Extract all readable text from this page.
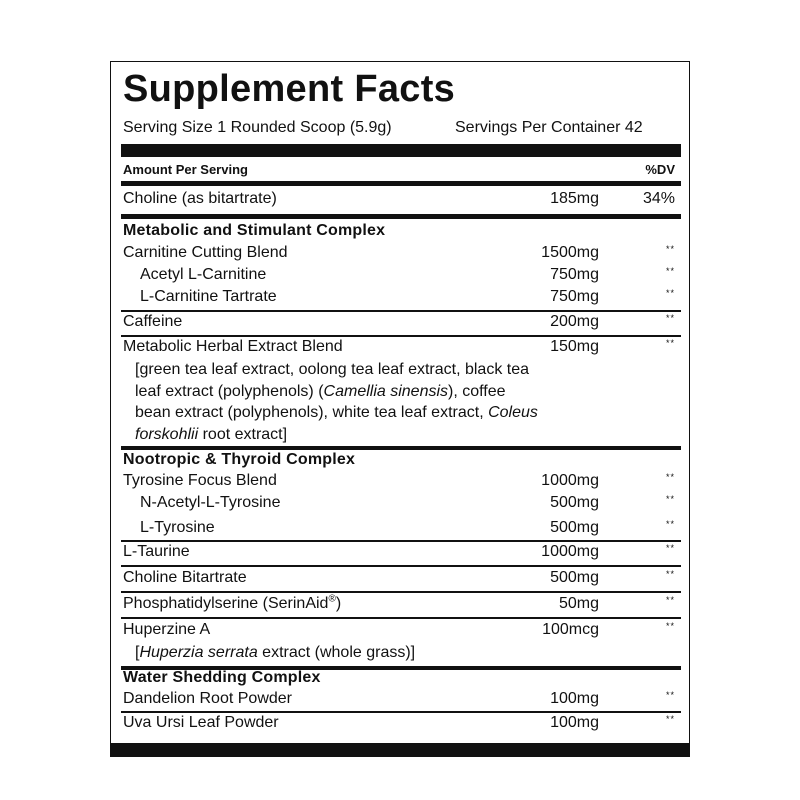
Supplement Facts
Serving Size 1 Rounded Scoop (5.9g)	Servings Per Container 42
Amount Per Serving	%DV
Choline (as bitartrate)	185mg	34%
Metabolic and Stimulant Complex
Carnitine Cutting Blend	1500mg	**
Acetyl L-Carnitine	750mg	**
L-Carnitine Tartrate	750mg	**
Caffeine	200mg	**
Metabolic Herbal Extract Blend	150mg	**
[green tea leaf extract, oolong tea leaf extract, black tea
leaf extract (polyphenols) (Camellia sinensis), coffee
bean extract (polyphenols), white tea leaf extract, Coleus
forskohlii root extract]
Nootropic & Thyroid Complex
Tyrosine Focus Blend	1000mg	**
N-Acetyl-L-Tyrosine	500mg	**
L-Tyrosine	500mg	**
L-Taurine	1000mg	**
Choline Bitartrate	500mg	**
Phosphatidylserine (SerinAid®)	50mg	**
Huperzine A	100mcg	**
[Huperzia serrata extract (whole grass)]
Water Shedding Complex
Dandelion Root Powder	100mg	**
Uva Ursi Leaf Powder	100mg	**
